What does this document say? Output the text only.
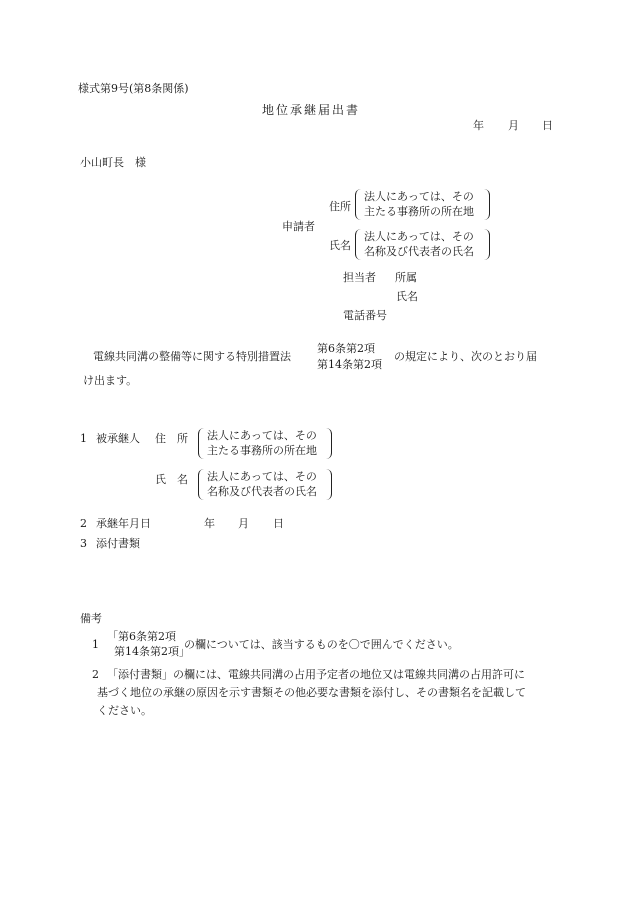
様式第9号(第8条関係)
地位承継届出書
年 月 日
小山町長　様
申請者
住所
法人にあっては、その
主たる事務所の所在地
氏名
法人にあっては、その
名称及び代表者の氏名
担当者 所属
氏名
電話番号
電線共同溝の整備等に関する特別措置法
第6条第2項
第14条第2項
の規定により、次のとおり届
け出ます。
1 被承継人 住　所 法人にあっては、その
主たる事務所の所在地
氏　名 法人にあっては、その
名称及び代表者の氏名
2 承継年月日	年 月 日
3 添付書類
備考
1
「第6条第2項
第14条第2項」
の欄については、該当するものを〇で囲んでください。
2 「添付書類」の欄には、電線共同溝の占用予定者の地位又は電線共同溝の占用許可に
基づく地位の承継の原因を示す書類その他必要な書類を添付し、その書類名を記載して
ください。
